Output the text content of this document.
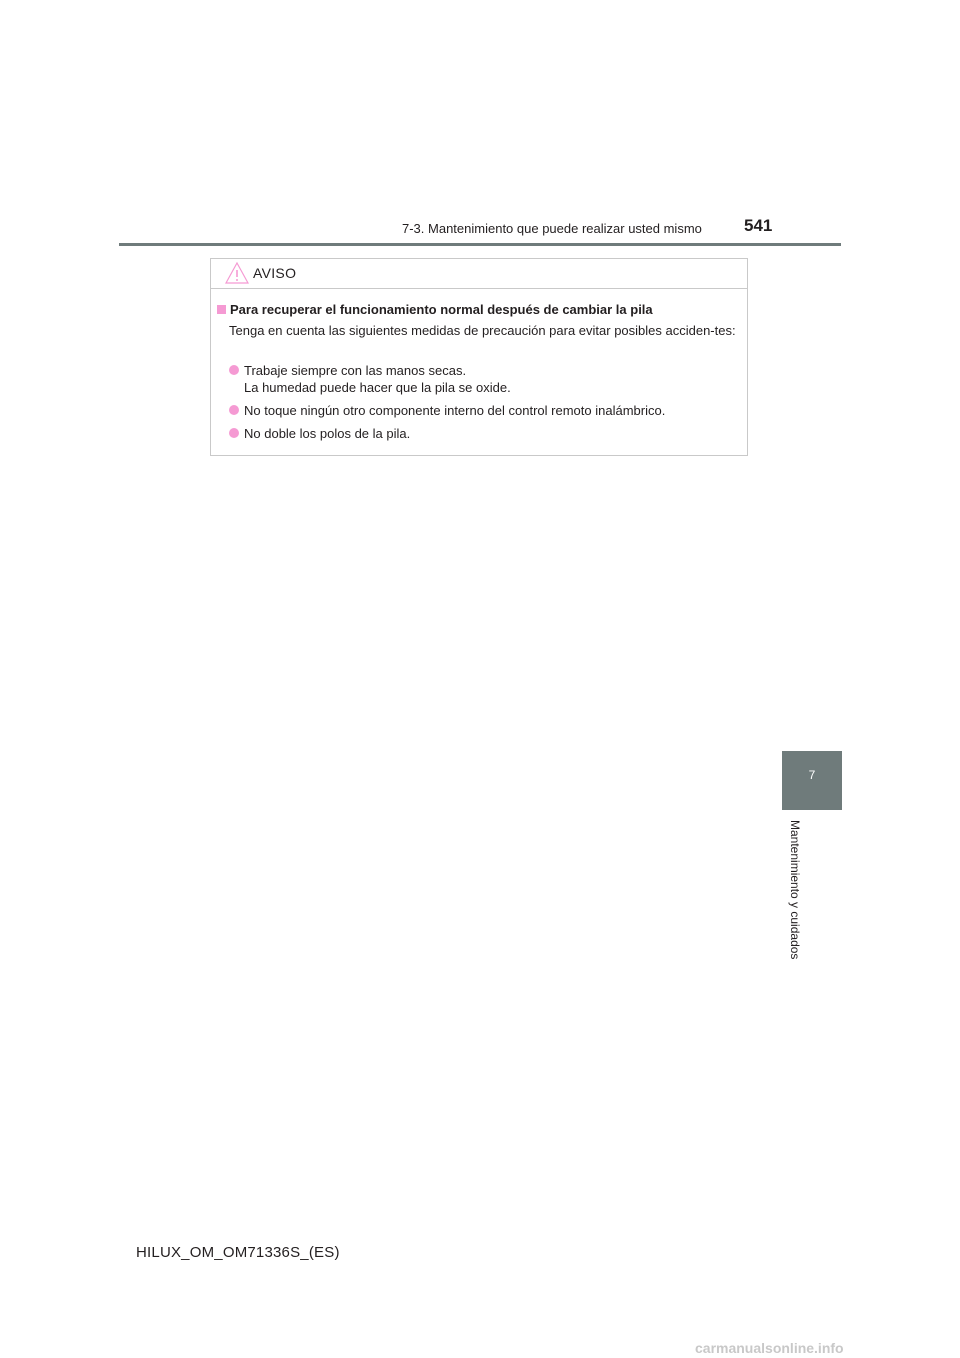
7-3. Mantenimiento que puede realizar usted mismo 541
AVISO
Para recuperar el funcionamiento normal después de cambiar la pila
Tenga en cuenta las siguientes medidas de precaución para evitar posibles acciden-tes:
Trabaje siempre con las manos secas.
La humedad puede hacer que la pila se oxide.
No toque ningún otro componente interno del control remoto inalámbrico.
No doble los polos de la pila.
7
Mantenimiento y cuidados
HILUX_OM_OM71336S_(ES)
carmanualsonline.info
